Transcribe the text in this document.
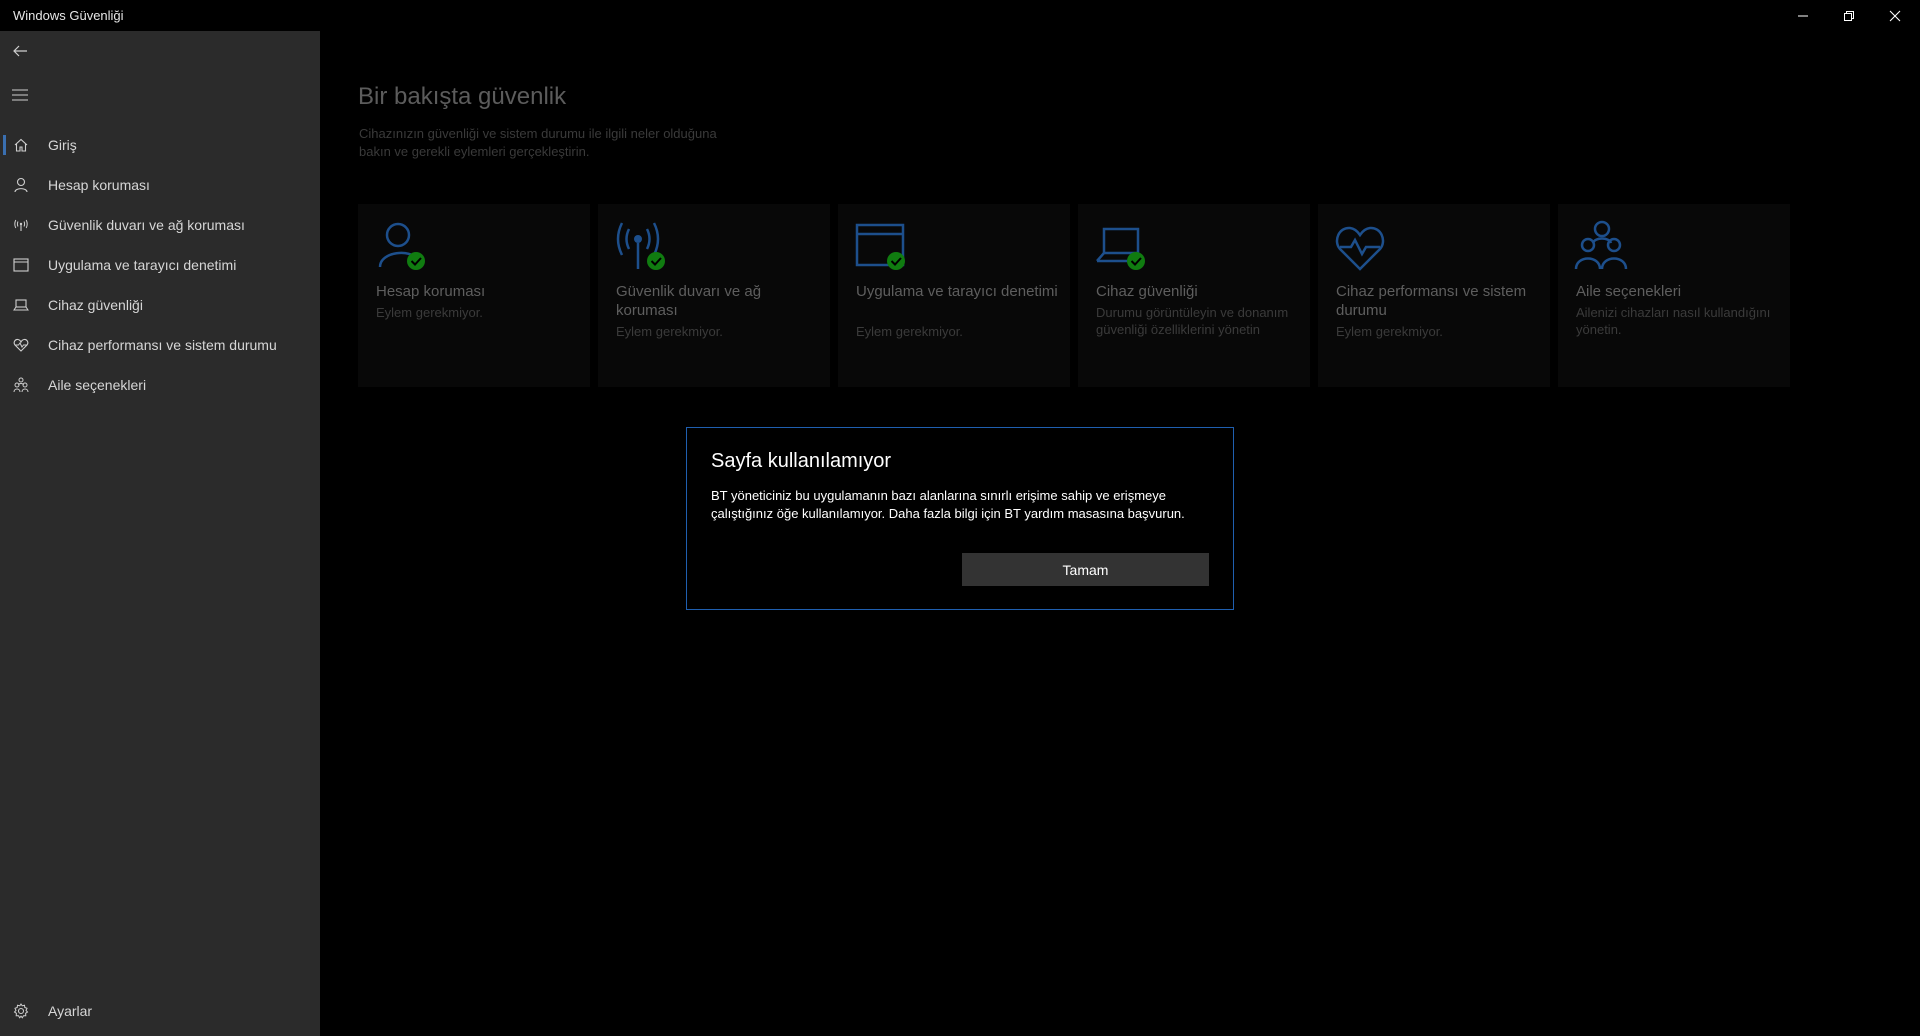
Windows Güvenliği
Giriş
Hesap koruması
Güvenlik duvarı ve ağ koruması
Uygulama ve tarayıcı denetimi
Cihaz güvenliği
Cihaz performansı ve sistem durumu
Aile seçenekleri
Ayarlar
Bir bakışta güvenlik
Cihazınızın güvenliği ve sistem durumu ile ilgili neler olduğuna bakın ve gerekli eylemleri gerçekleştirin.
Hesap koruması
Eylem gerekmiyor.
Güvenlik duvarı ve ağ koruması
Eylem gerekmiyor.
Uygulama ve tarayıcı denetimi
Eylem gerekmiyor.
Cihaz güvenliği
Durumu görüntüleyin ve donanım güvenliği özelliklerini yönetin
Cihaz performansı ve sistem durumu
Eylem gerekmiyor.
Aile seçenekleri
Ailenizi cihazları nasıl kullandığını yönetin.
Sayfa kullanılamıyor
BT yöneticiniz bu uygulamanın bazı alanlarına sınırlı erişime sahip ve erişmeye çalıştığınız öğe kullanılamıyor. Daha fazla bilgi için BT yardım masasına başvurun.
Tamam
